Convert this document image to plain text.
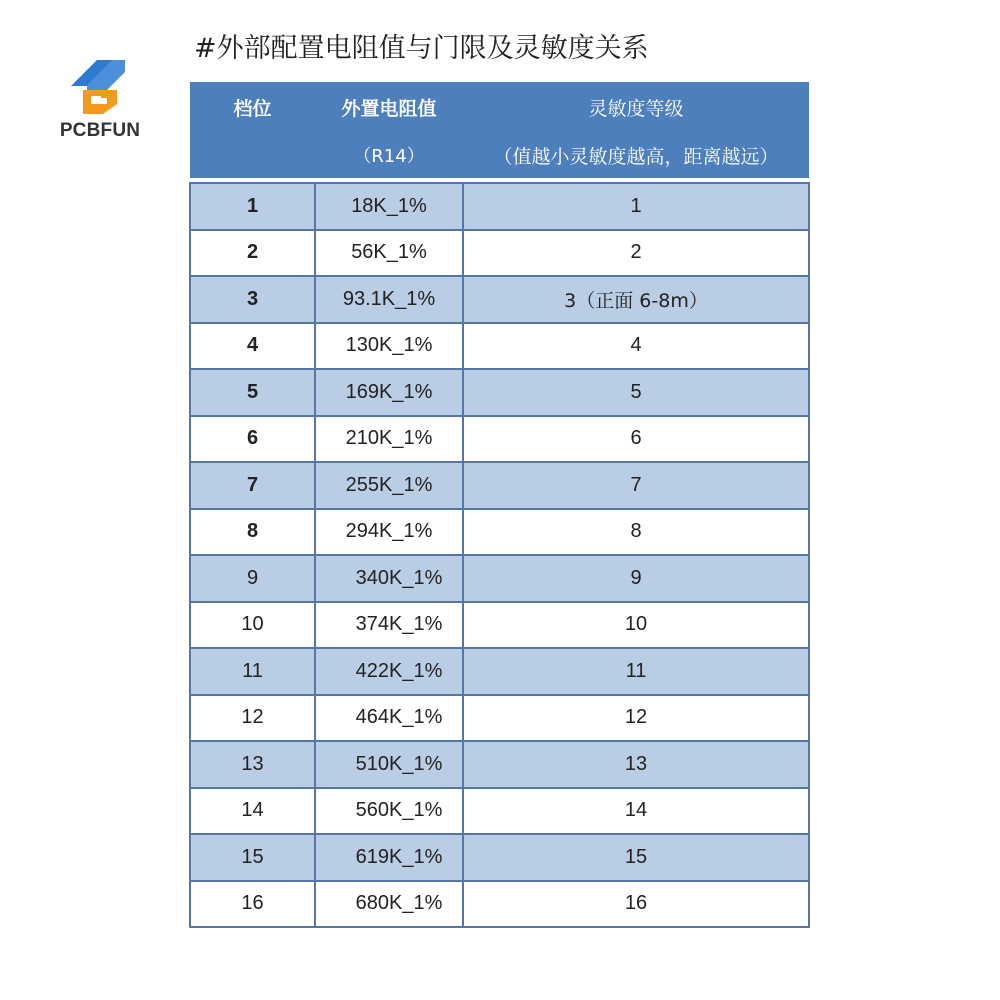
PCBFUN
#外部配置电阻值与门限及灵敏度关系
档位	外置电阻值	灵敏度等级
	（R14）	（值越小灵敏度越高，距离越远）

1	18K_1%	1
2	56K_1%	2
3	93.1K_1%	3（正面 6-8m）
4	130K_1%	4
5	169K_1%	5
6	210K_1%	6
7	255K_1%	7
8	294K_1%	8
9	340K_1%	9
10	374K_1%	10
11	422K_1%	11
12	464K_1%	12
13	510K_1%	13
14	560K_1%	14
15	619K_1%	15
16	680K_1%	16
